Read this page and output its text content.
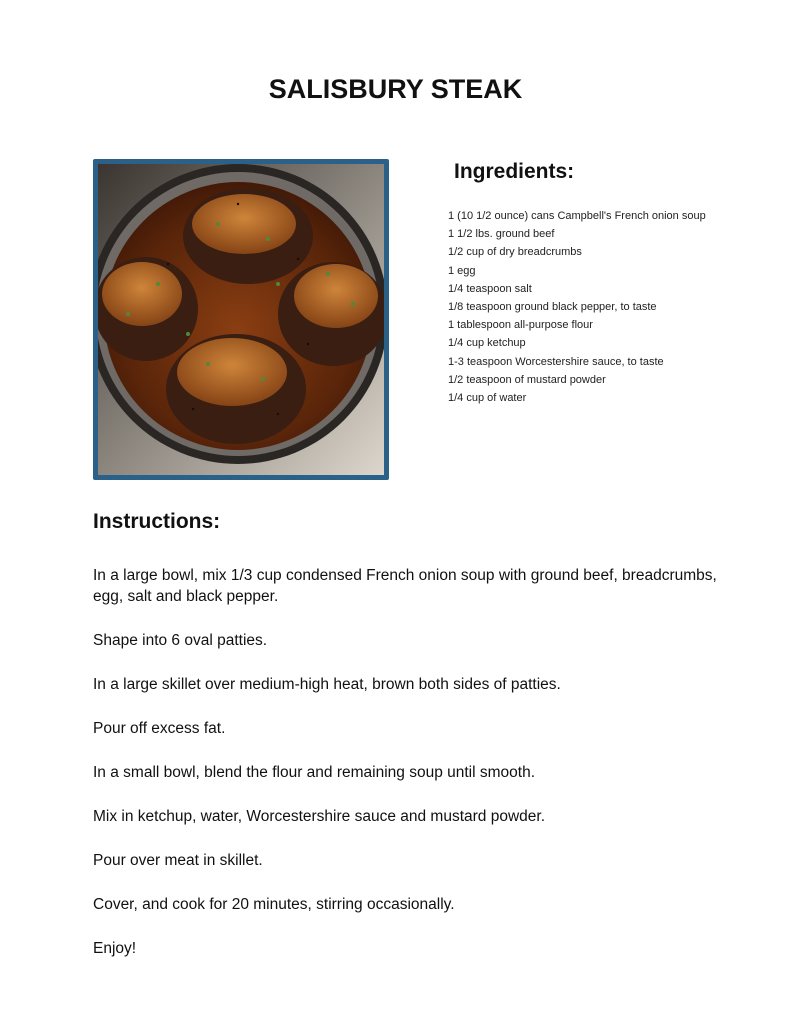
SALISBURY STEAK
Ingredients:
1 (10 1/2 ounce) cans Campbell's French onion soup
1 1/2 lbs. ground beef
1/2 cup of dry breadcrumbs
1 egg
1/4 teaspoon salt
1/8 teaspoon ground black pepper, to taste
1 tablespoon all-purpose flour
1/4 cup ketchup
1-3 teaspoon Worcestershire sauce, to taste
1/2 teaspoon of mustard powder
1/4 cup of water
Instructions:
In a large bowl, mix 1/3 cup condensed French onion soup with ground beef, breadcrumbs, egg, salt and black pepper.
Shape into 6 oval patties.
In a large skillet over medium-high heat, brown both sides of patties.
Pour off excess fat.
In a small bowl, blend the flour and remaining soup until smooth.
Mix in ketchup, water, Worcestershire sauce and mustard powder.
Pour over meat in skillet.
Cover, and cook for 20 minutes, stirring occasionally.
Enjoy!
